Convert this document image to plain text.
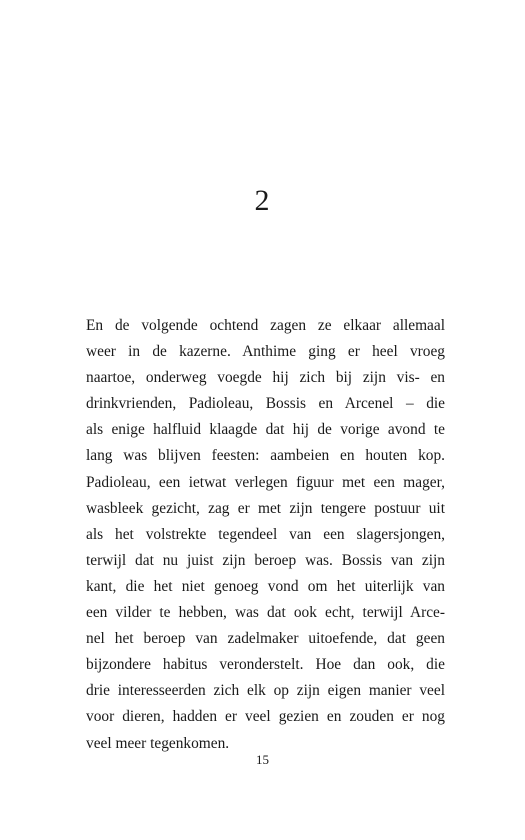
2
En de volgende ochtend zagen ze elkaar allemaal
weer in de kazerne. Anthime ging er heel vroeg
naartoe, onderweg voegde hij zich bij zijn vis- en
drinkvrienden, Padioleau, Bossis en Arcenel – die
als enige halfluid klaagde dat hij de vorige avond te
lang was blijven feesten: aambeien en houten kop.
Padioleau, een ietwat verlegen figuur met een mager,
wasbleek gezicht, zag er met zijn tengere postuur uit
als het volstrekte tegendeel van een slagersjongen,
terwijl dat nu juist zijn beroep was. Bossis van zijn
kant, die het niet genoeg vond om het uiterlijk van
een vilder te hebben, was dat ook echt, terwijl Arce-
nel het beroep van zadelmaker uitoefende, dat geen
bijzondere habitus veronderstelt. Hoe dan ook, die
drie interesseerden zich elk op zijn eigen manier veel
voor dieren, hadden er veel gezien en zouden er nog
veel meer tegenkomen.
15
